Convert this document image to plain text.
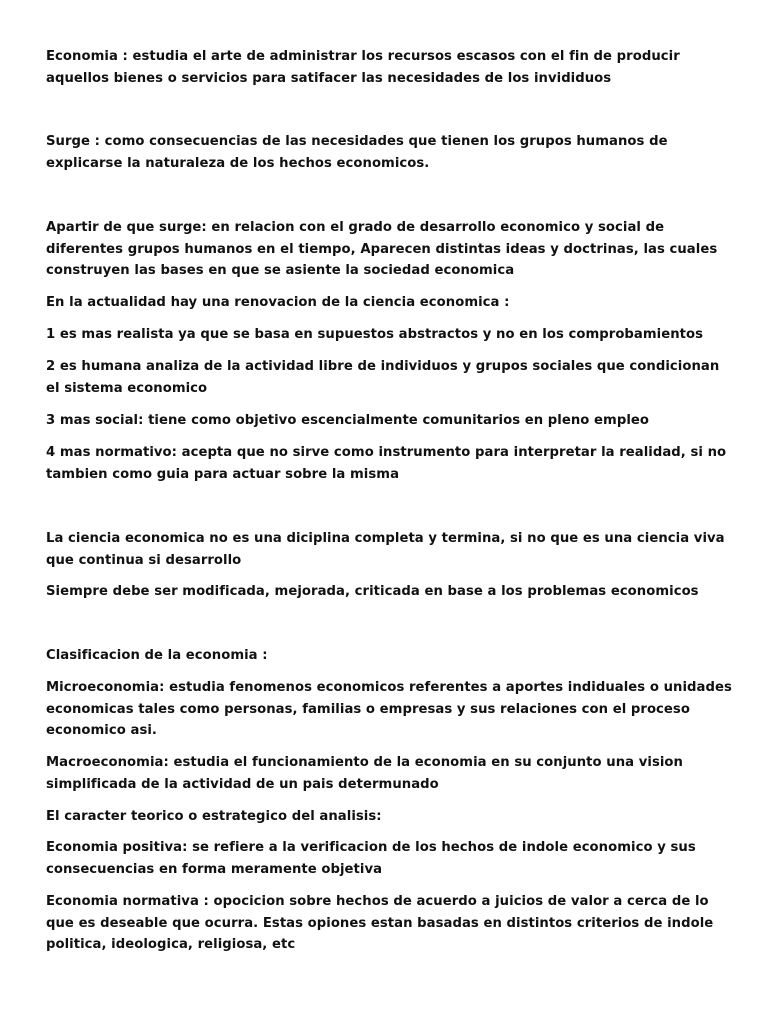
Economia : estudia el arte de administrar los recursos escasos con el fin de producir aquellos bienes o servicios para satifacer las necesidades de los invididuos

Surge : como consecuencias de las necesidades que tienen los grupos humanos de explicarse la naturaleza de los hechos economicos.

Apartir de que surge: en relacion con el grado de desarrollo economico y social de diferentes grupos humanos en el tiempo, Aparecen distintas ideas y doctrinas, las cuales construyen las bases en que se asiente la sociedad economica

En la actualidad hay una renovacion de la ciencia economica :

1 es mas realista ya que se basa en supuestos abstractos y no en los comprobamientos

2 es humana analiza de la actividad libre de individuos y grupos sociales que condicionan el sistema economico

3 mas social: tiene como objetivo escencialmente comunitarios en pleno empleo

4 mas normativo: acepta que no sirve como instrumento para interpretar la realidad, si no tambien como guia para actuar sobre la misma

La ciencia economica no es una diciplina completa y termina, si no que es una ciencia viva que continua si desarrollo

Siempre debe ser modificada, mejorada, criticada en base a los problemas economicos

Clasificacion de la economia :

Microeconomia: estudia fenomenos economicos referentes a aportes indiduales o unidades economicas tales como personas, familias o empresas y sus relaciones con el proceso economico asi.

Macroeconomia: estudia el funcionamiento de la economia en su conjunto una vision simplificada de la actividad de un pais determunado

El caracter teorico o estrategico del analisis:

Economia positiva: se refiere a la verificacion de los hechos de indole economico y sus consecuencias en forma meramente objetiva

Economia normativa : opocicion sobre hechos de acuerdo a juicios de valor a cerca de lo que es deseable que ocurra. Estas opiones estan basadas en distintos criterios de indole politica, ideologica, religiosa, etc
